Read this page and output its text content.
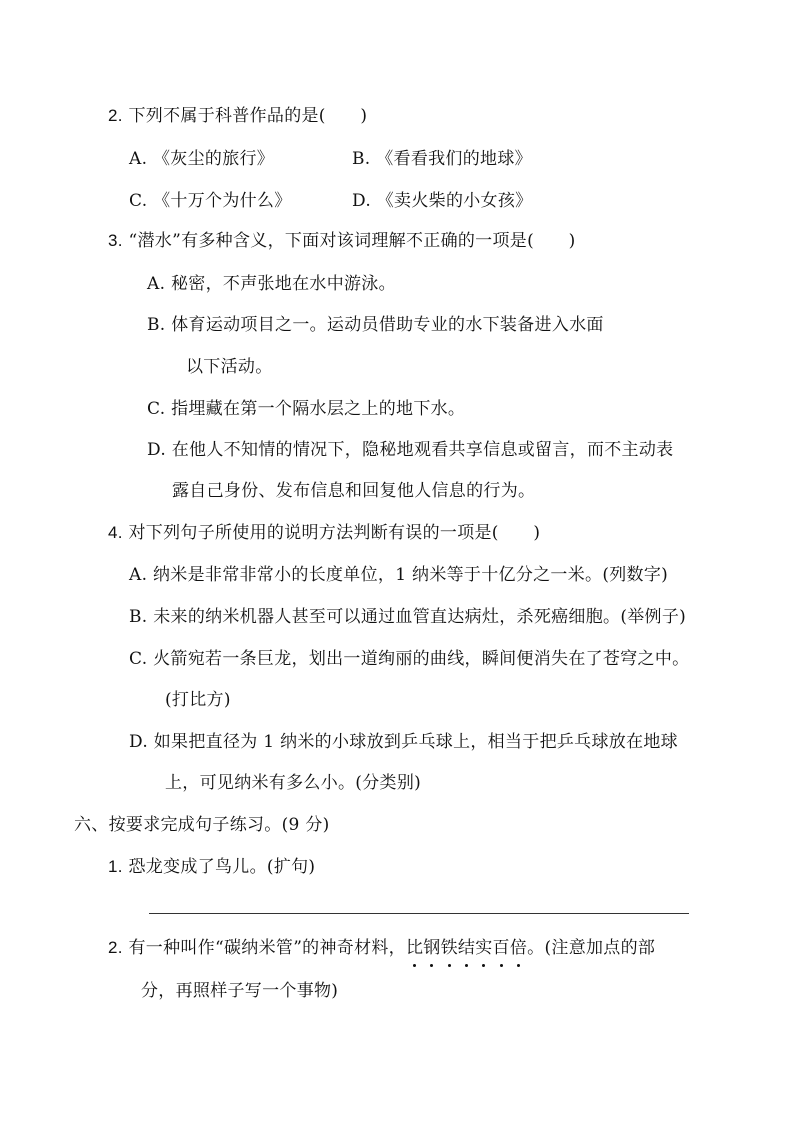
2. 下列不属于科普作品的是(　　)
A. 《灰尘的旅行》	B. 《看看我们的地球》
C. 《十万个为什么》	D. 《卖火柴的小女孩》
3. “潜水”有多种含义，下面对该词理解不正确的一项是(　　)
A. 秘密，不声张地在水中游泳。
B. 体育运动项目之一。运动员借助专业的水下装备进入水面
以下活动。
C. 指埋藏在第一个隔水层之上的地下水。
D. 在他人不知情的情况下，隐秘地观看共享信息或留言，而不主动表
露自己身份、发布信息和回复他人信息的行为。
4. 对下列句子所使用的说明方法判断有误的一项是(　　)
A. 纳米是非常非常小的长度单位，1 纳米等于十亿分之一米。(列数字)
B. 未来的纳米机器人甚至可以通过血管直达病灶，杀死癌细胞。(举例子)
C. 火箭宛若一条巨龙，划出一道绚丽的曲线，瞬间便消失在了苍穹之中。
(打比方)
D. 如果把直径为 1 纳米的小球放到乒乓球上，相当于把乒乓球放在地球
上，可见纳米有多么小。(分类别)
六、按要求完成句子练习。(9 分)
1. 恐龙变成了鸟儿。(扩句)
2. 有一种叫作“碳纳米管”的神奇材料，比钢铁结实百倍。(注意加点的部
分，再照样子写一个事物)
